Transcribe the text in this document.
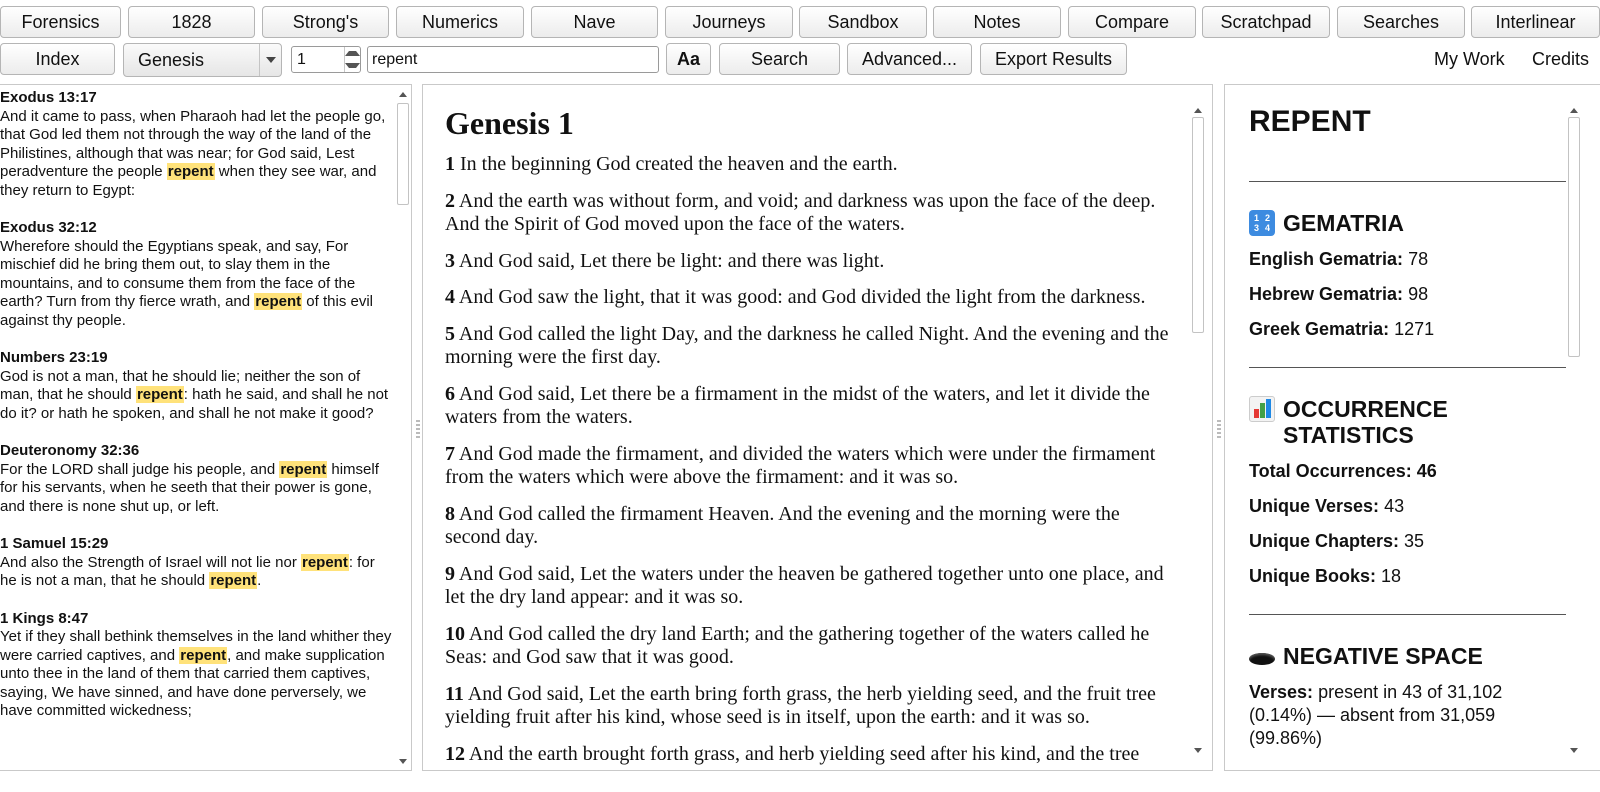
Forensics	1828	Strong's	Numerics	Nave	Journeys	Sandbox	Notes	Compare	Scratchpad	Searches	Interlinear
Index	Genesis	1	repent	Aa	Search	Advanced...	Export Results	My Work Credits
Exodus 13:17
And it came to pass, when Pharaoh had let the people go, that God led them not through the way of the land of the Philistines, although that was near; for God said, Lest peradventure the people repent when they see war, and they return to Egypt:
Exodus 32:12
Wherefore should the Egyptians speak, and say, For mischief did he bring them out, to slay them in the mountains, and to consume them from the face of the earth? Turn from thy fierce wrath, and repent of this evil against thy people.
Numbers 23:19
God is not a man, that he should lie; neither the son of man, that he should repent: hath he said, and shall he not do it? or hath he spoken, and shall he not make it good?
Deuteronomy 32:36
For the LORD shall judge his people, and repent himself for his servants, when he seeth that their power is gone, and there is none shut up, or left.
1 Samuel 15:29
And also the Strength of Israel will not lie nor repent: for he is not a man, that he should repent.
1 Kings 8:47
Yet if they shall bethink themselves in the land whither they were carried captives, and repent, and make supplication unto thee in the land of them that carried them captives, saying, We have sinned, and have done perversely, we have committed wickedness;
Genesis 1
1 In the beginning God created the heaven and the earth.
2 And the earth was without form, and void; and darkness was upon the face of the deep. And the Spirit of God moved upon the face of the waters.
3 And God said, Let there be light: and there was light.
4 And God saw the light, that it was good: and God divided the light from the darkness.
5 And God called the light Day, and the darkness he called Night. And the evening and the morning were the first day.
6 And God said, Let there be a firmament in the midst of the waters, and let it divide the waters from the waters.
7 And God made the firmament, and divided the waters which were under the firmament from the waters which were above the firmament: and it was so.
8 And God called the firmament Heaven. And the evening and the morning were the second day.
9 And God said, Let the waters under the heaven be gathered together unto one place, and let the dry land appear: and it was so.
10 And God called the dry land Earth; and the gathering together of the waters called he Seas: and God saw that it was good.
11 And God said, Let the earth bring forth grass, the herb yielding seed, and the fruit tree yielding fruit after his kind, whose seed is in itself, upon the earth: and it was so.
12 And the earth brought forth grass, and herb yielding seed after his kind, and the tree
REPENT
1 2
3 4 GEMATRIA
English Gematria: 78
Hebrew Gematria: 98
Greek Gematria: 1271
OCCURRENCE STATISTICS
Total Occurrences: 46
Unique Verses: 43
Unique Chapters: 35
Unique Books: 18
NEGATIVE SPACE
Verses: present in 43 of 31,102 (0.14%) — absent from 31,059 (99.86%)
